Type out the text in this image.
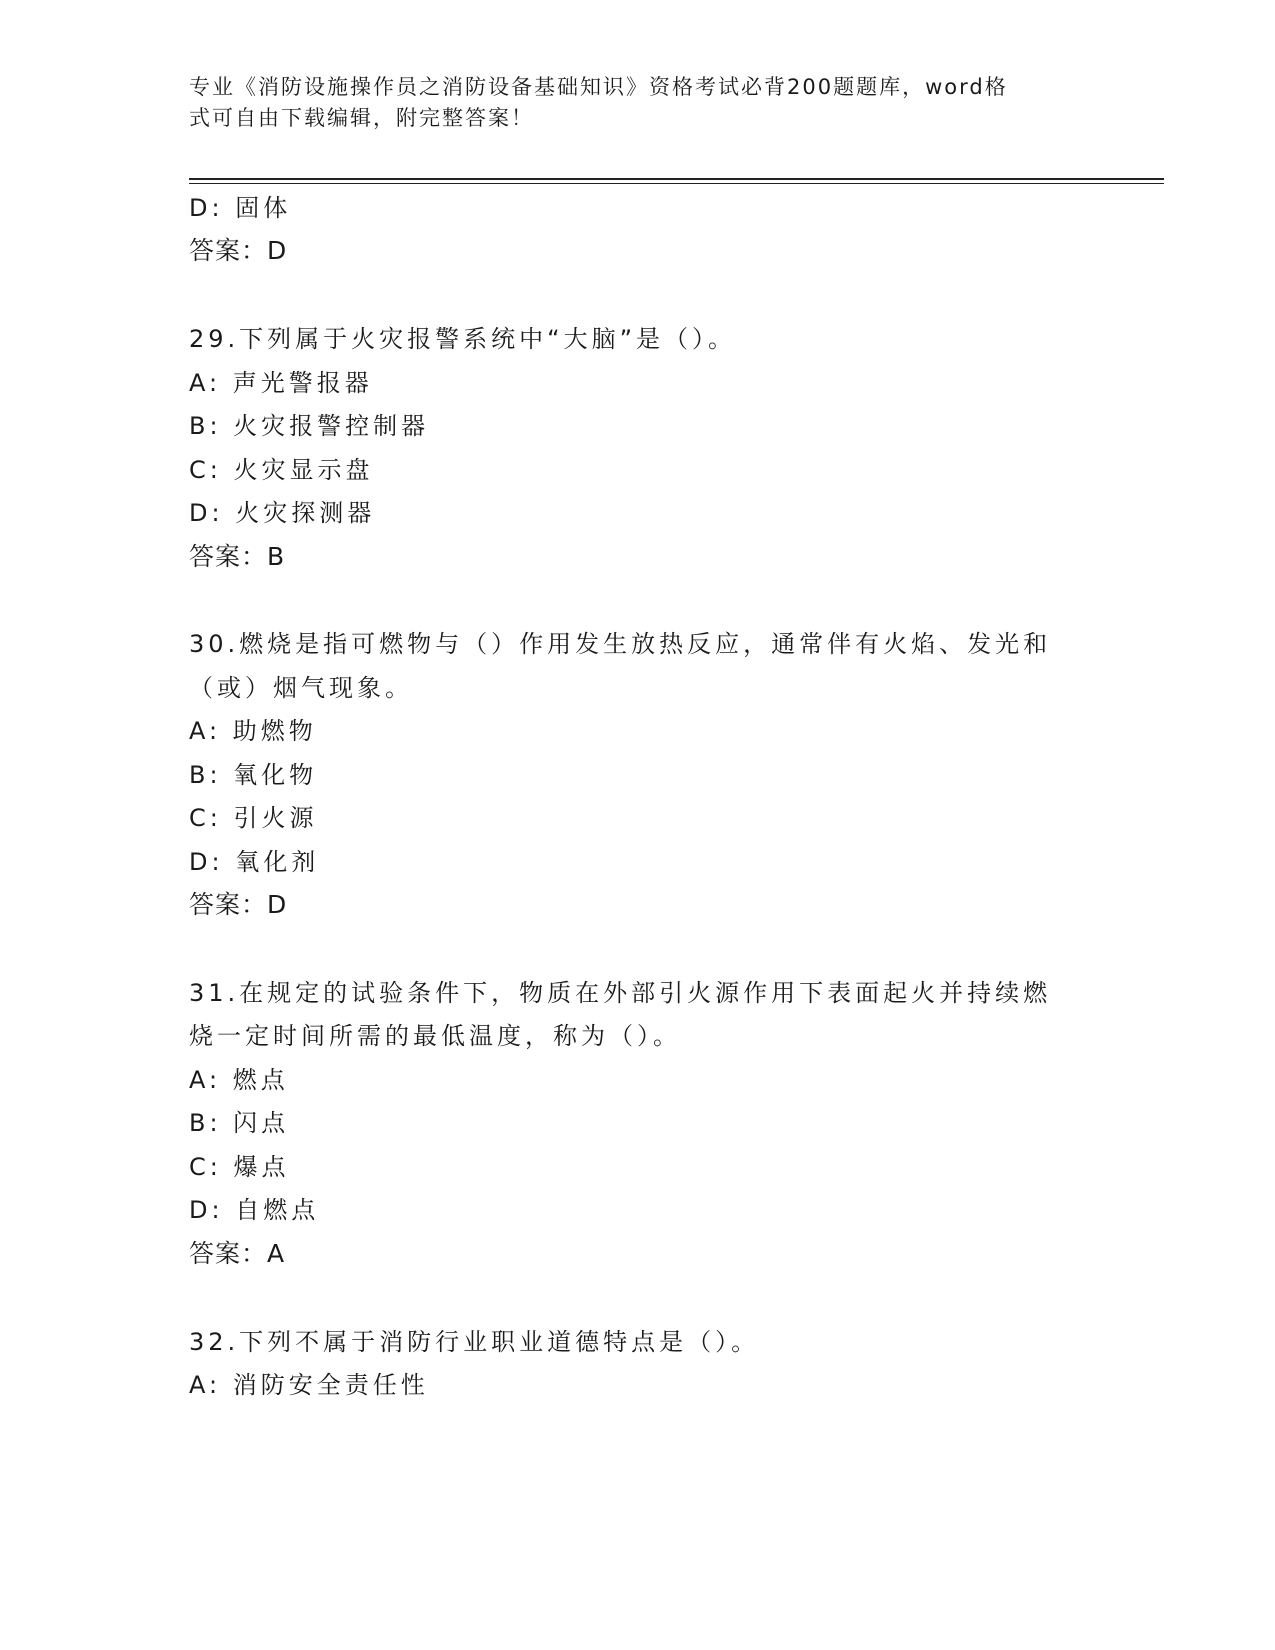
专业《消防设施操作员之消防设备基础知识》资格考试必背200题题库，word格
式可自由下载编辑，附完整答案！
D: 固体
答案：D
29.下列属于火灾报警系统中“大脑”是（）。
A: 声光警报器
B: 火灾报警控制器
C: 火灾显示盘
D: 火灾探测器
答案：B
30.燃烧是指可燃物与（）作用发生放热反应，通常伴有火焰、发光和
（或）烟气现象。
A: 助燃物
B: 氧化物
C: 引火源
D: 氧化剂
答案：D
31.在规定的试验条件下，物质在外部引火源作用下表面起火并持续燃
烧一定时间所需的最低温度，称为（）。
A: 燃点
B: 闪点
C: 爆点
D: 自燃点
答案：A
32.下列不属于消防行业职业道德特点是（）。
A: 消防安全责任性
